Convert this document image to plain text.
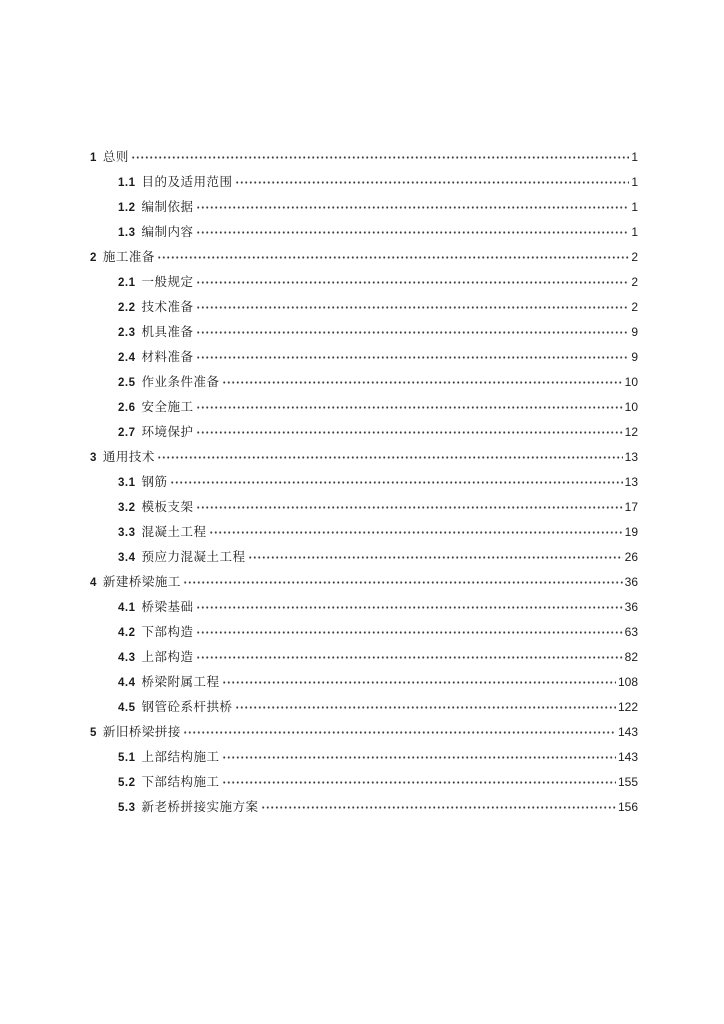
1 总则	1
1.1 目的及适用范围	1
1.2 编制依据	1
1.3 编制内容	1
2 施工准备	2
2.1 一般规定	2
2.2 技术准备	2
2.3 机具准备	9
2.4 材料准备	9
2.5 作业条件准备	10
2.6 安全施工	10
2.7 环境保护	12
3 通用技术	13
3.1 钢筋	13
3.2 模板支架	17
3.3 混凝土工程	19
3.4 预应力混凝土工程	26
4 新建桥梁施工	36
4.1 桥梁基础	36
4.2 下部构造	63
4.3 上部构造	82
4.4 桥梁附属工程	108
4.5 钢管砼系杆拱桥	122
5 新旧桥梁拼接	143
5.1 上部结构施工	143
5.2 下部结构施工	155
5.3 新老桥拼接实施方案	156
